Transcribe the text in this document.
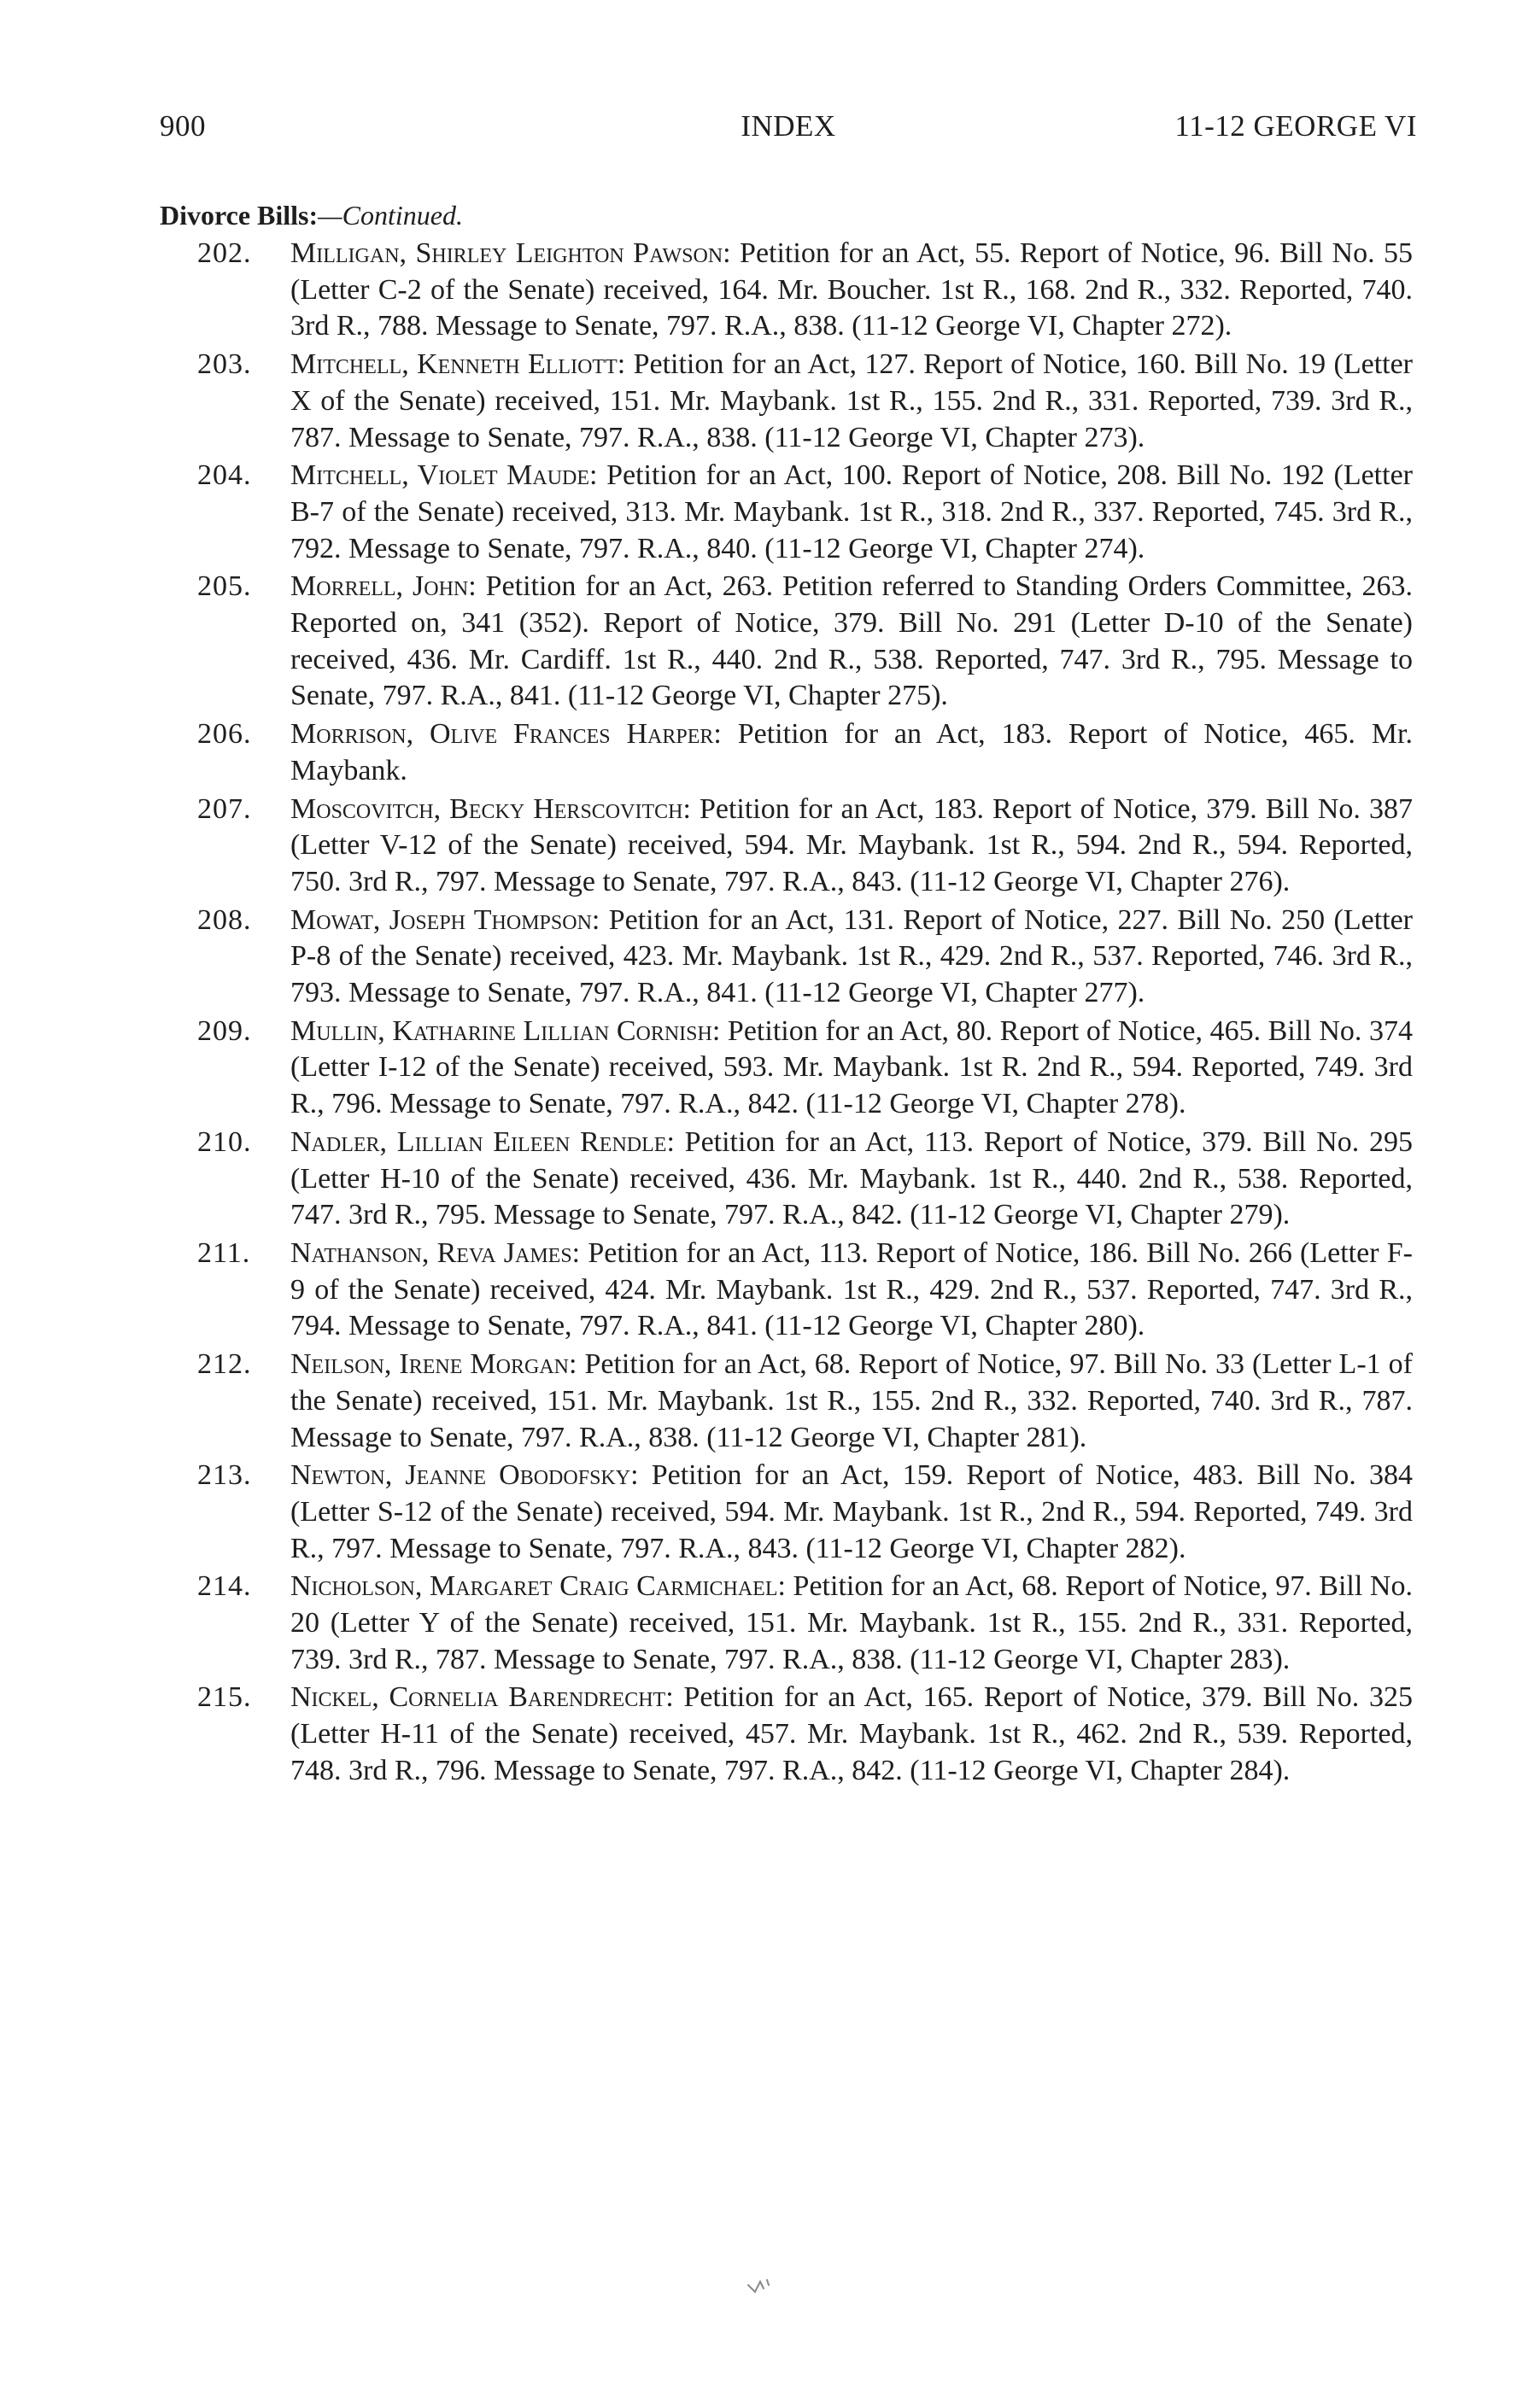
900	INDEX	11-12 GEORGE VI
Divorce Bills:—Continued.
202. Milligan, Shirley Leighton Pawson: Petition for an Act, 55. Report of Notice, 96. Bill No. 55 (Letter C-2 of the Senate) received, 164. Mr. Boucher. 1st R., 168. 2nd R., 332. Reported, 740. 3rd R., 788. Message to Senate, 797. R.A., 838. (11-12 George VI, Chapter 272).
203. Mitchell, Kenneth Elliott: Petition for an Act, 127. Report of Notice, 160. Bill No. 19 (Letter X of the Senate) received, 151. Mr. Maybank. 1st R., 155. 2nd R., 331. Reported, 739. 3rd R., 787. Message to Senate, 797. R.A., 838. (11-12 George VI, Chapter 273).
204. Mitchell, Violet Maude: Petition for an Act, 100. Report of Notice, 208. Bill No. 192 (Letter B-7 of the Senate) received, 313. Mr. Maybank. 1st R., 318. 2nd R., 337. Reported, 745. 3rd R., 792. Message to Senate, 797. R.A., 840. (11-12 George VI, Chapter 274).
205. Morrell, John: Petition for an Act, 263. Petition referred to Standing Orders Committee, 263. Reported on, 341 (352). Report of Notice, 379. Bill No. 291 (Letter D-10 of the Senate) received, 436. Mr. Cardiff. 1st R., 440. 2nd R., 538. Reported, 747. 3rd R., 795. Message to Senate, 797. R.A., 841. (11-12 George VI, Chapter 275).
206. Morrison, Olive Frances Harper: Petition for an Act, 183. Report of Notice, 465. Mr. Maybank.
207. Moscovitch, Becky Herscovitch: Petition for an Act, 183. Report of Notice, 379. Bill No. 387 (Letter V-12 of the Senate) received, 594. Mr. Maybank. 1st R., 594. 2nd R., 594. Reported, 750. 3rd R., 797. Message to Senate, 797. R.A., 843. (11-12 George VI, Chapter 276).
208. Mowat, Joseph Thompson: Petition for an Act, 131. Report of Notice, 227. Bill No. 250 (Letter P-8 of the Senate) received, 423. Mr. Maybank. 1st R., 429. 2nd R., 537. Reported, 746. 3rd R., 793. Message to Senate, 797. R.A., 841. (11-12 George VI, Chapter 277).
209. Mullin, Katharine Lillian Cornish: Petition for an Act, 80. Report of Notice, 465. Bill No. 374 (Letter I-12 of the Senate) received, 593. Mr. Maybank. 1st R. 2nd R., 594. Reported, 749. 3rd R., 796. Message to Senate, 797. R.A., 842. (11-12 George VI, Chapter 278).
210. Nadler, Lillian Eileen Rendle: Petition for an Act, 113. Report of Notice, 379. Bill No. 295 (Letter H-10 of the Senate) received, 436. Mr. Maybank. 1st R., 440. 2nd R., 538. Reported, 747. 3rd R., 795. Message to Senate, 797. R.A., 842. (11-12 George VI, Chapter 279).
211. Nathanson, Reva James: Petition for an Act, 113. Report of Notice, 186. Bill No. 266 (Letter F-9 of the Senate) received, 424. Mr. Maybank. 1st R., 429. 2nd R., 537. Reported, 747. 3rd R., 794. Message to Senate, 797. R.A., 841. (11-12 George VI, Chapter 280).
212. Neilson, Irene Morgan: Petition for an Act, 68. Report of Notice, 97. Bill No. 33 (Letter L-1 of the Senate) received, 151. Mr. Maybank. 1st R., 155. 2nd R., 332. Reported, 740. 3rd R., 787. Message to Senate, 797. R.A., 838. (11-12 George VI, Chapter 281).
213. Newton, Jeanne Obodofsky: Petition for an Act, 159. Report of Notice, 483. Bill No. 384 (Letter S-12 of the Senate) received, 594. Mr. Maybank. 1st R., 2nd R., 594. Reported, 749. 3rd R., 797. Message to Senate, 797. R.A., 843. (11-12 George VI, Chapter 282).
214. Nicholson, Margaret Craig Carmichael: Petition for an Act, 68. Report of Notice, 97. Bill No. 20 (Letter Y of the Senate) received, 151. Mr. Maybank. 1st R., 155. 2nd R., 331. Reported, 739. 3rd R., 787. Message to Senate, 797. R.A., 838. (11-12 George VI, Chapter 283).
215. Nickel, Cornelia Barendrecht: Petition for an Act, 165. Report of Notice, 379. Bill No. 325 (Letter H-11 of the Senate) received, 457. Mr. Maybank. 1st R., 462. 2nd R., 539. Reported, 748. 3rd R., 796. Message to Senate, 797. R.A., 842. (11-12 George VI, Chapter 284).
